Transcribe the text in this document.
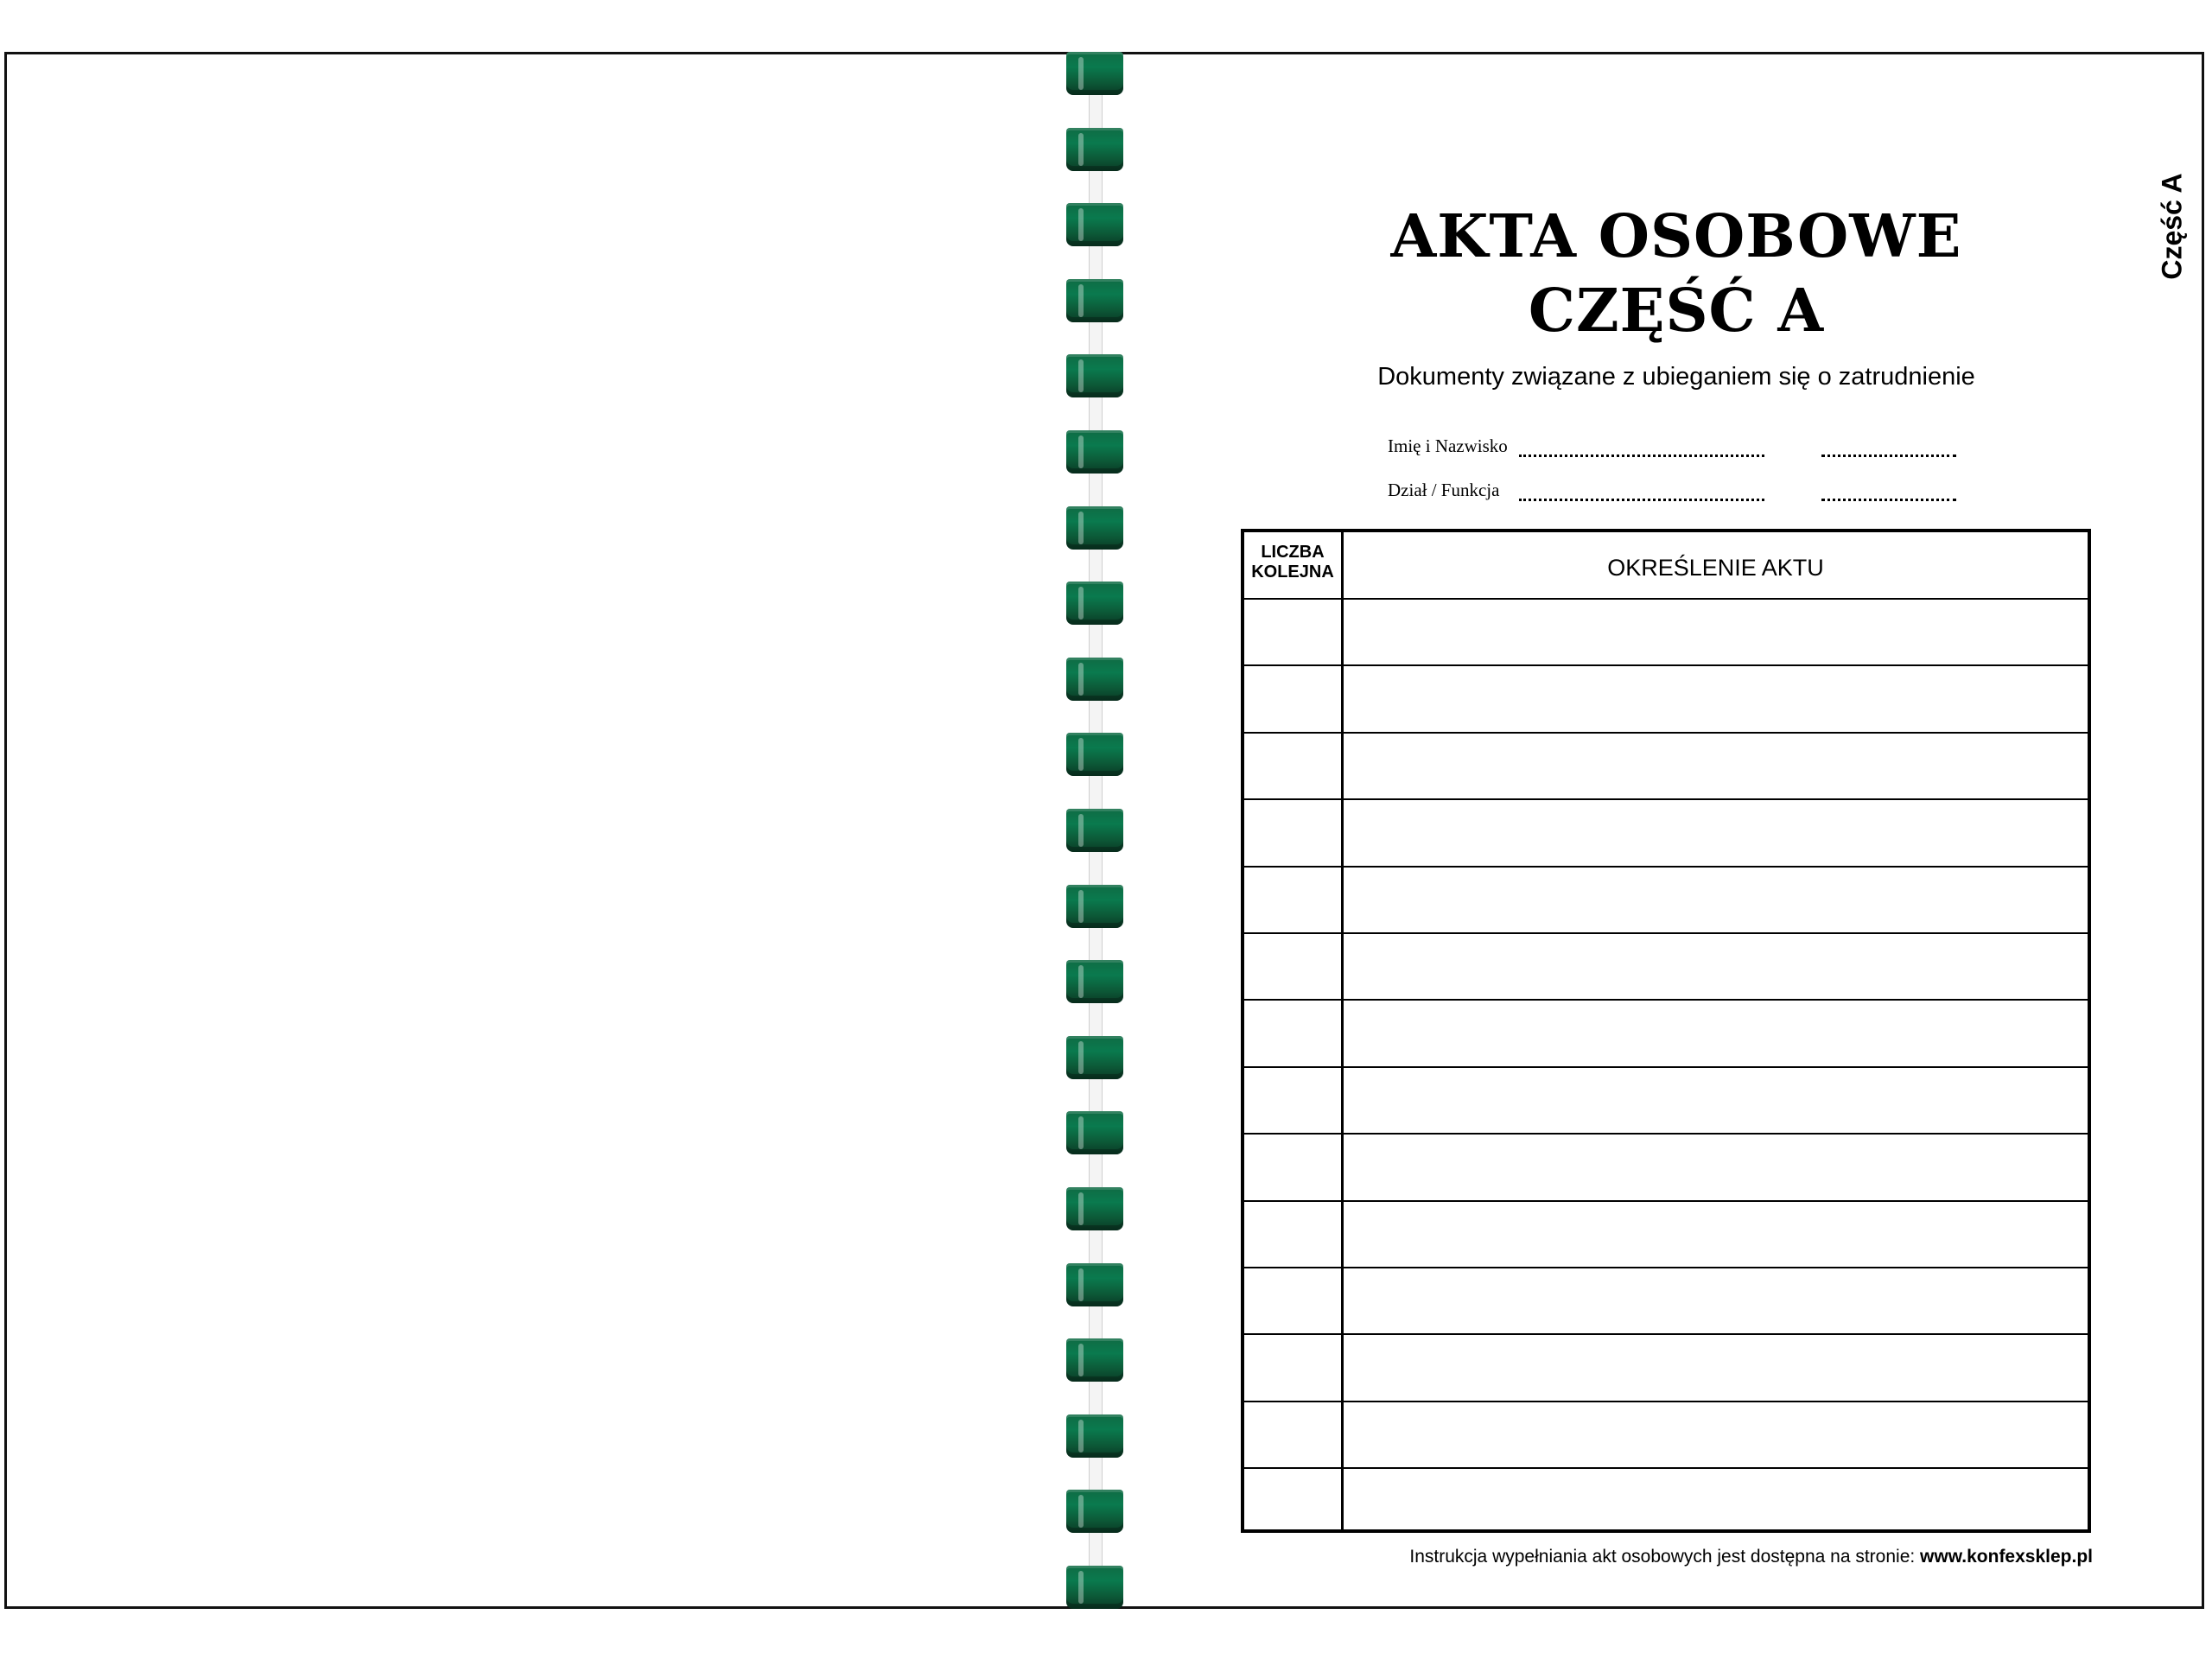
AKTA OSOBOWE
CZĘŚĆ A
Dokumenty związane z ubieganiem się o zatrudnienie
Imię i Nazwisko
Dział / Funkcja
LICZBA
KOLEJNA	OKREŚLENIE AKTU
Instrukcja wypełniania akt osobowych jest dostępna na stronie: www.konfexsklep.pl
Część A
